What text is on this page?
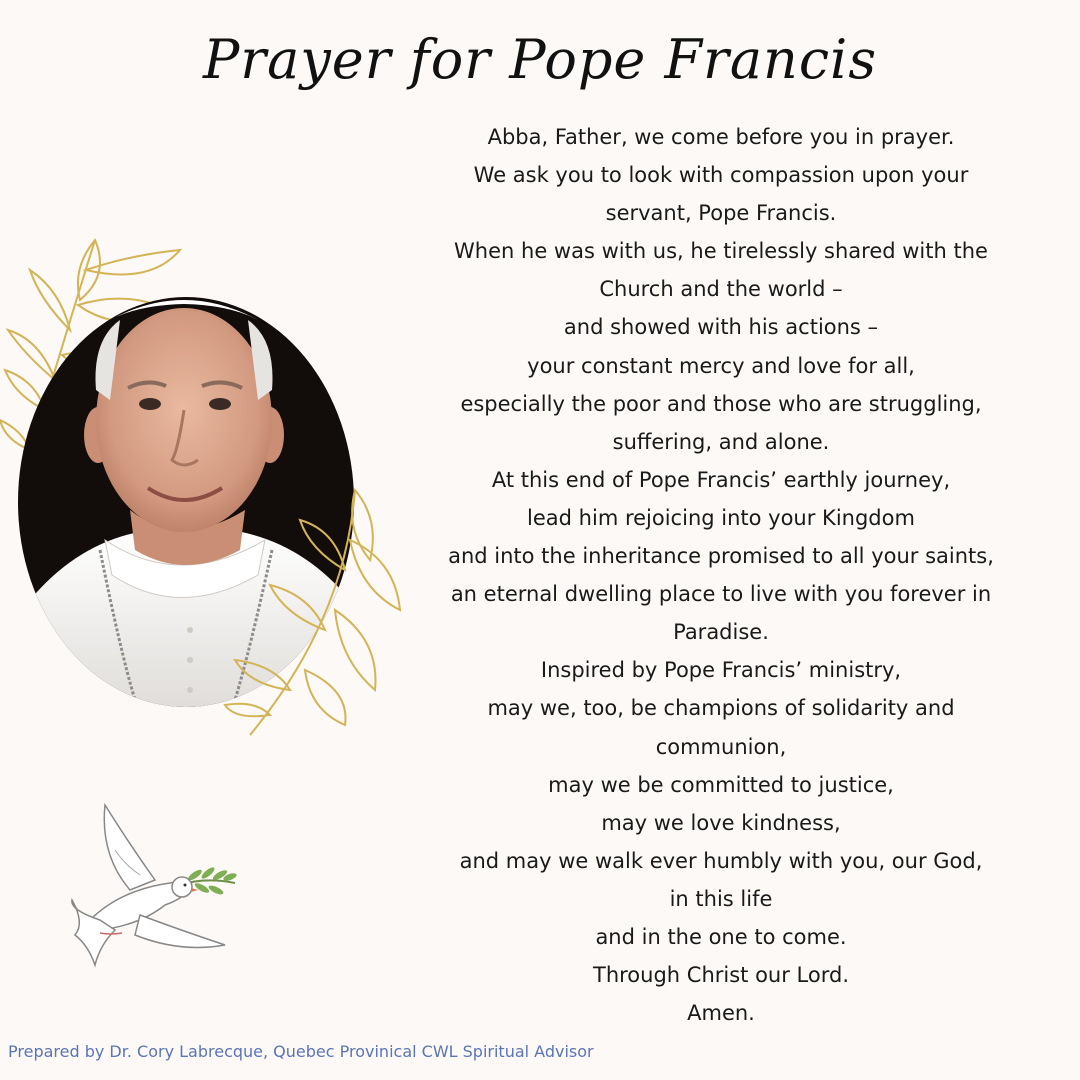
Prayer for Pope Francis
Abba, Father, we come before you in prayer.
We ask you to look with compassion upon your
servant, Pope Francis.
When he was with us, he tirelessly shared with the
Church and the world –
and showed with his actions –
your constant mercy and love for all,
especially the poor and those who are struggling,
suffering, and alone.
At this end of Pope Francis’ earthly journey,
lead him rejoicing into your Kingdom
and into the inheritance promised to all your saints,
an eternal dwelling place to live with you forever in
Paradise.
Inspired by Pope Francis’ ministry,
may we, too, be champions of solidarity and
communion,
may we be committed to justice,
may we love kindness,
and may we walk ever humbly with you, our God,
in this life
and in the one to come.
Through Christ our Lord.
Amen.

Prepared by Dr. Cory Labrecque, Quebec Provinical CWL Spiritual Advisor
